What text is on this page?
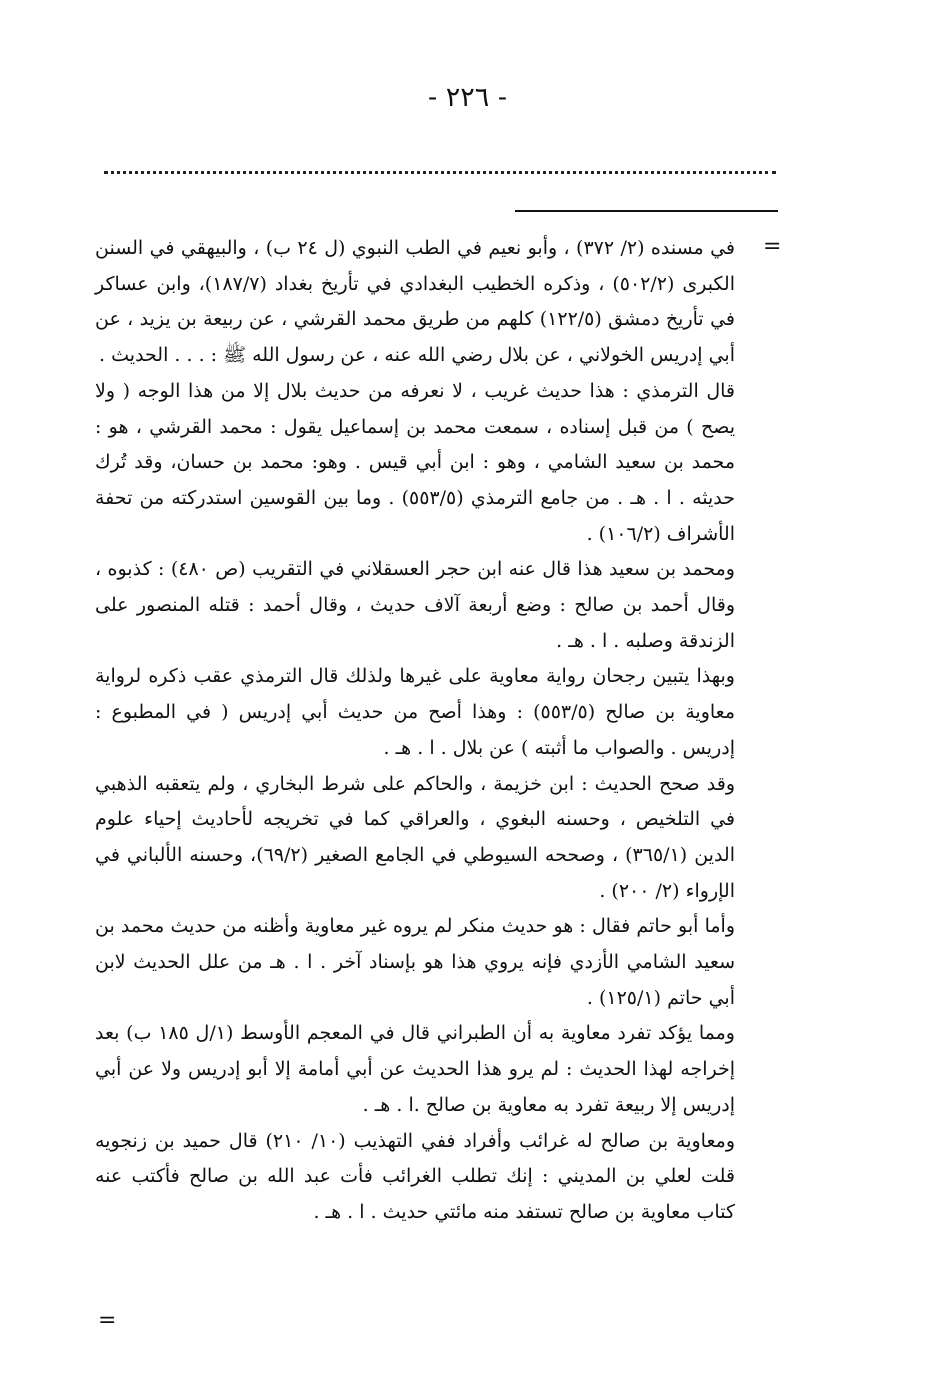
- ٢٢٦ -
=

في مسنده (٢/ ٣٧٢) ، وأبو نعيم في الطب النبوي (ل ٢٤ ب) ، والبيهقي في السنن الكبرى (٥٠٢/٢) ، وذكره الخطيب البغدادي في تأريخ بغداد (١٨٧/٧)، وابن عساكر في تأريخ دمشق (١٢٢/٥) كلهم من طريق محمد القرشي ، عن ربيعة بن يزيد ، عن أبي إدريس الخولاني ، عن بلال رضي الله عنه ، عن رسول الله ﷺ : . . . الحديث .

قال الترمذي : هذا حديث غريب ، لا نعرفه من حديث بلال إلا من هذا الوجه ( ولا يصح ) من قبل إسناده ، سمعت محمد بن إسماعيل يقول : محمد القرشي ، هو : محمد بن سعيد الشامي ، وهو : ابن أبي قيس . وهو: محمد بن حسان، وقد تُرك حديثه . ا . هـ . من جامع الترمذي (٥٥٣/٥) . وما بين القوسين استدركته من تحفة الأشراف (١٠٦/٢) .

ومحمد بن سعيد هذا قال عنه ابن حجر العسقلاني في التقريب (ص ٤٨٠) : كذبوه ، وقال أحمد بن صالح : وضع أربعة آلاف حديث ، وقال أحمد : قتله المنصور على الزندقة وصلبه . ا . هـ .

وبهذا يتبين رجحان رواية معاوية على غيرها ولذلك قال الترمذي عقب ذكره لرواية معاوية بن صالح (٥٥٣/٥) : وهذا أصح من حديث أبي إدريس ( في المطبوع : إدريس . والصواب ما أثبته ) عن بلال . ا . هـ .

وقد صحح الحديث : ابن خزيمة ، والحاكم على شرط البخاري ، ولم يتعقبه الذهبي في التلخيص ، وحسنه البغوي ، والعراقي كما في تخريجه لأحاديث إحياء علوم الدين (٣٦٥/١) ، وصححه السيوطي في الجامع الصغير (٦٩/٢)، وحسنه الألباني في الإرواء (٢/ ٢٠٠) .

وأما أبو حاتم فقال : هو حديث منكر لم يروه غير معاوية وأظنه من حديث محمد بن سعيد الشامي الأزدي فإنه يروي هذا هو بإسناد آخر . ا . هـ من علل الحديث لابن أبي حاتم (١٢٥/١) .

ومما يؤكد تفرد معاوية به أن الطبراني قال في المعجم الأوسط (١/ل ١٨٥ ب) بعد إخراجه لهذا الحديث : لم يرو هذا الحديث عن أبي أمامة إلا أبو إدريس ولا عن أبي إدريس إلا ربيعة تفرد به معاوية بن صالح .ا . هـ .

ومعاوية بن صالح له غرائب وأفراد ففي التهذيب (١٠/ ٢١٠) قال حميد بن زنجويه قلت لعلي بن المديني : إنك تطلب الغرائب فأت عبد الله بن صالح فأكتب عنه كتاب معاوية بن صالح تستفد منه مائتي حديث . ا . هـ .

=
